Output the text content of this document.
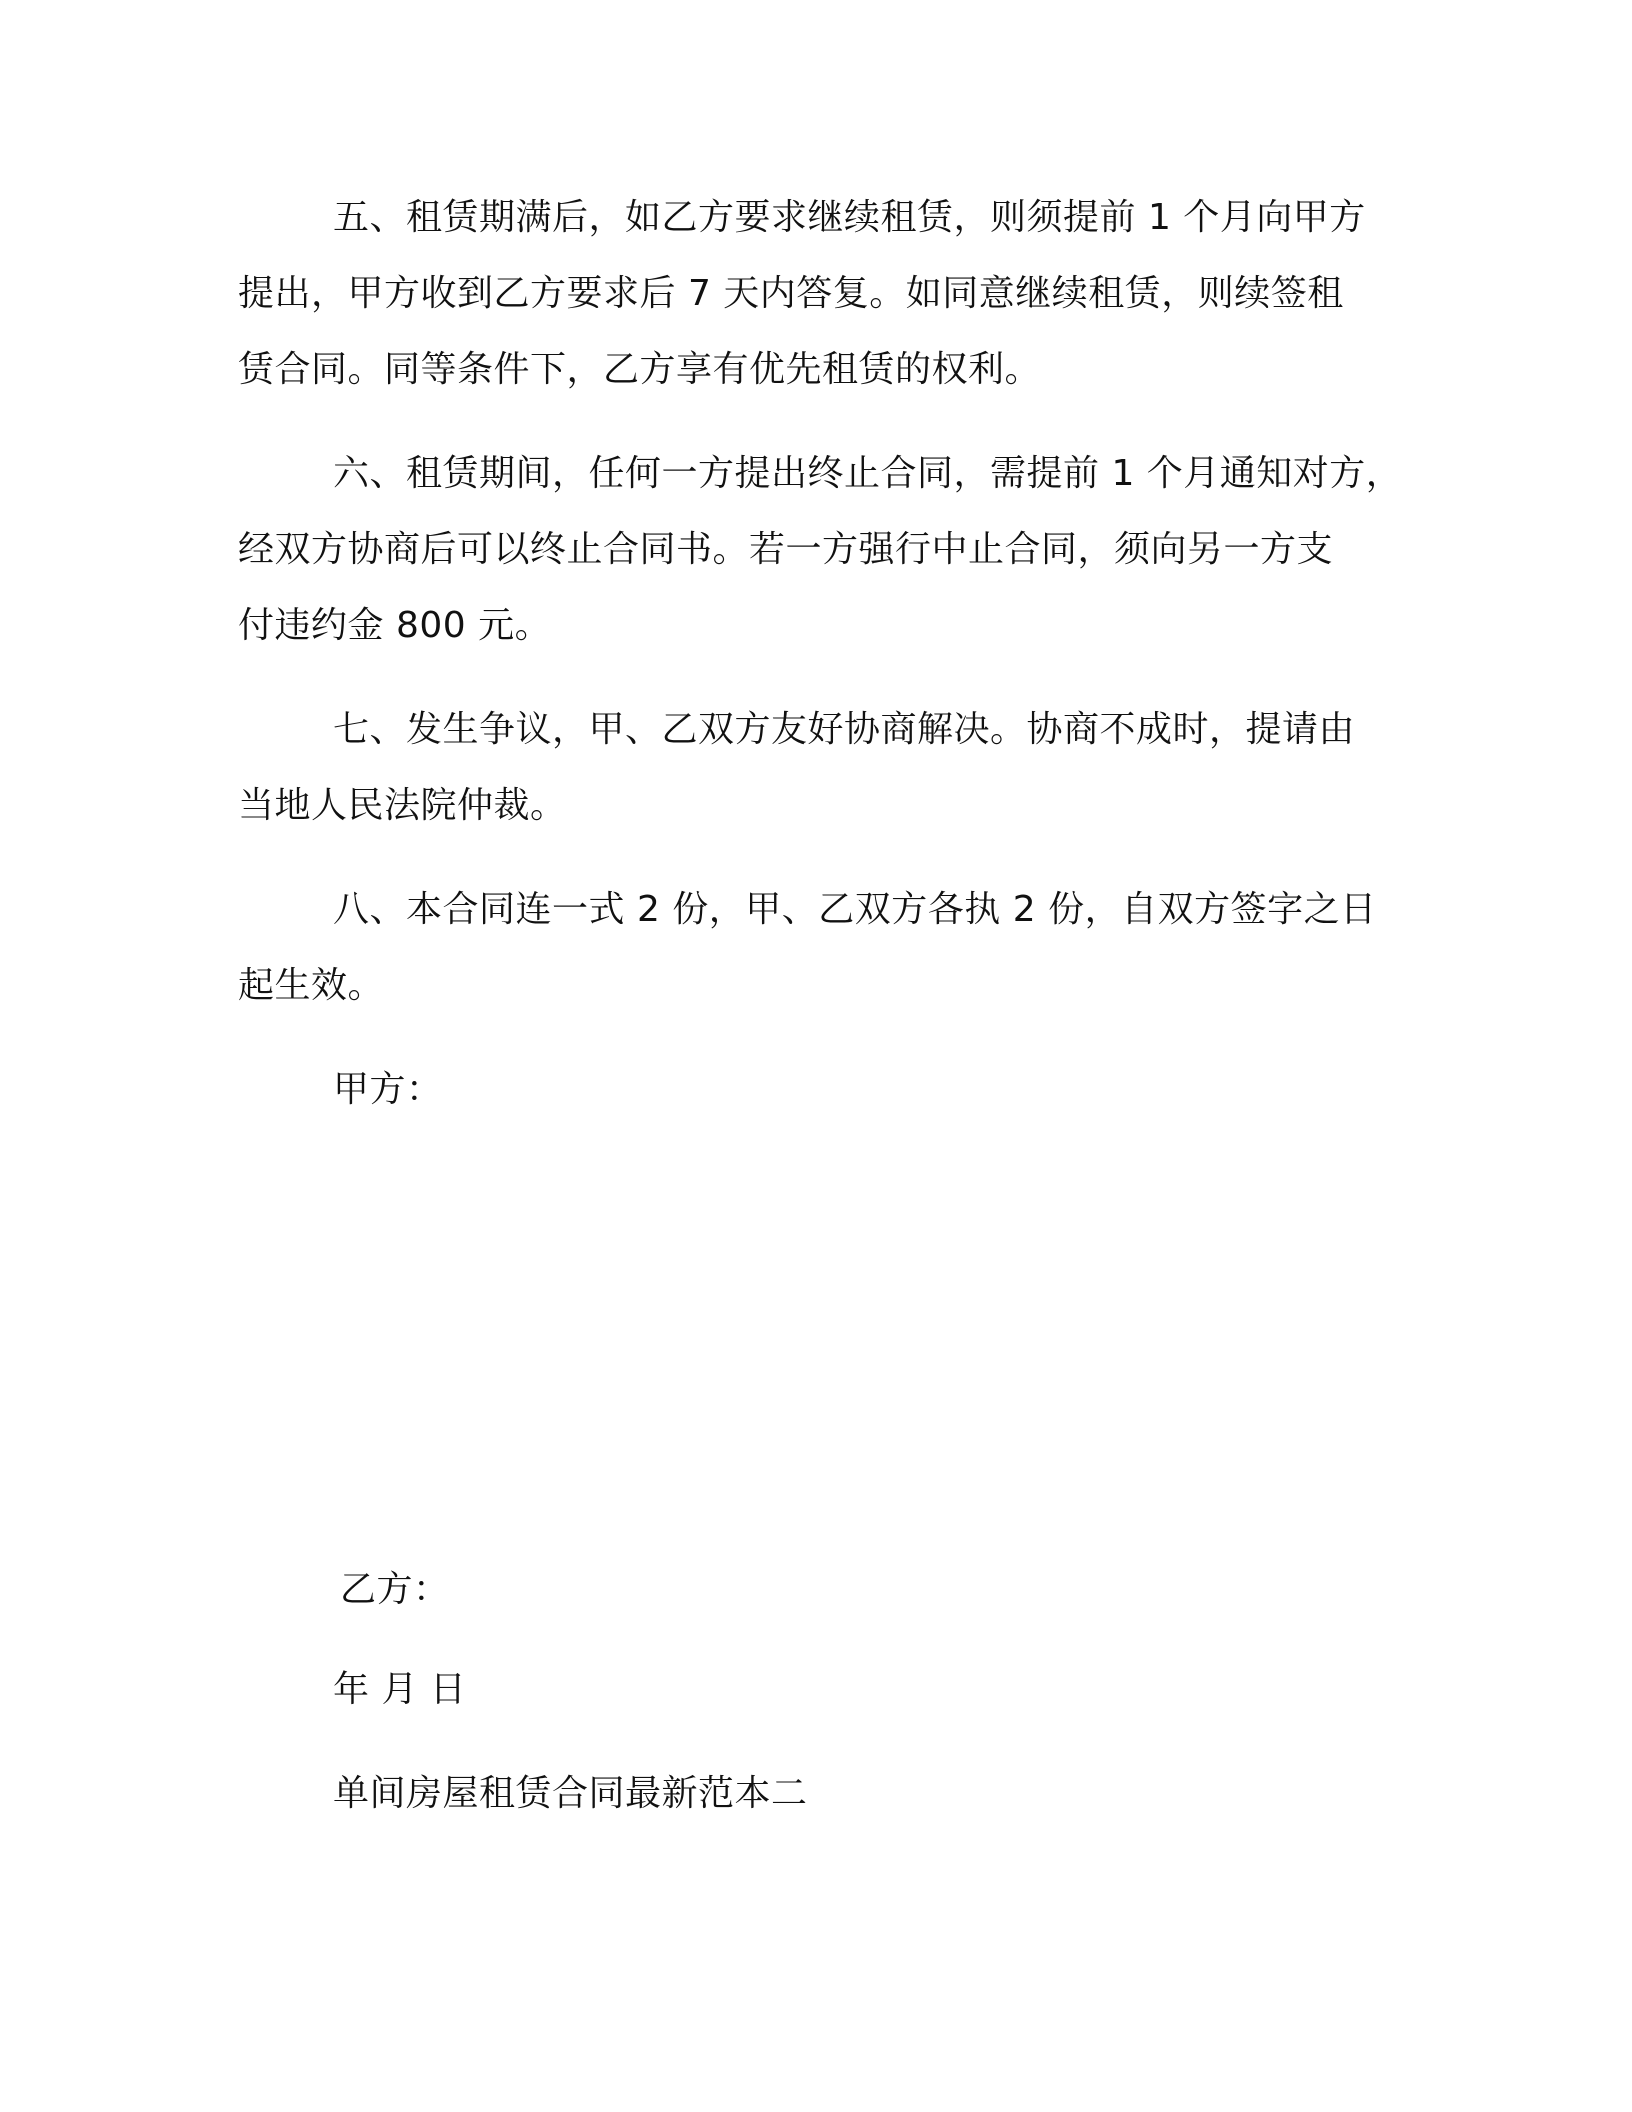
五、租赁期满后，如乙方要求继续租赁，则须提前 1 个月向甲方
提出，甲方收到乙方要求后 7 天内答复。如同意继续租赁，则续签租
赁合同。同等条件下，乙方享有优先租赁的权利。
六、租赁期间，任何一方提出终止合同，需提前 1 个月通知对方，
经双方协商后可以终止合同书。若一方强行中止合同，须向另一方支
付违约金 800 元。
七、发生争议，甲、乙双方友好协商解决。协商不成时，提请由
当地人民法院仲裁。
八、本合同连一式 2 份，甲、乙双方各执 2 份，自双方签字之日
起生效。
甲方：
乙方：
年 月 日
单间房屋租赁合同最新范本二
